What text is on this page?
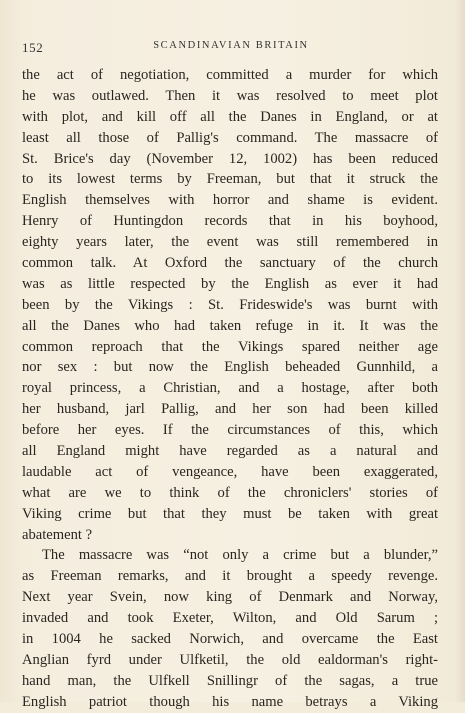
152	SCANDINAVIAN BRITAIN
the act of negotiation, committed a murder for which
he was outlawed. Then it was resolved to meet plot
with plot, and kill off all the Danes in England, or at
least all those of Pallig's command. The massacre of
St. Brice's day (November 12, 1002) has been reduced
to its lowest terms by Freeman, but that it struck the
English themselves with horror and shame is evident.
Henry of Huntingdon records that in his boyhood,
eighty years later, the event was still remembered in
common talk. At Oxford the sanctuary of the church
was as little respected by the English as ever it had
been by the Vikings : St. Frideswide's was burnt with
all the Danes who had taken refuge in it. It was the
common reproach that the Vikings spared neither age
nor sex : but now the English beheaded Gunnhild, a
royal princess, a Christian, and a hostage, after both
her husband, jarl Pallig, and her son had been killed
before her eyes. If the circumstances of this, which
all England might have regarded as a natural and
laudable act of vengeance, have been exaggerated,
what are we to think of the chroniclers' stories of
Viking crime but that they must be taken with great
abatement ?
The massacre was “not only a crime but a blunder,”
as Freeman remarks, and it brought a speedy revenge.
Next year Svein, now king of Denmark and Norway,
invaded and took Exeter, Wilton, and Old Sarum ;
in 1004 he sacked Norwich, and overcame the East
Anglian fyrd under Ulfketil, the old ealdorman's right-
hand man, the Ulfkell Snillingr of the sagas, a true
English patriot though his name betrays a Viking
